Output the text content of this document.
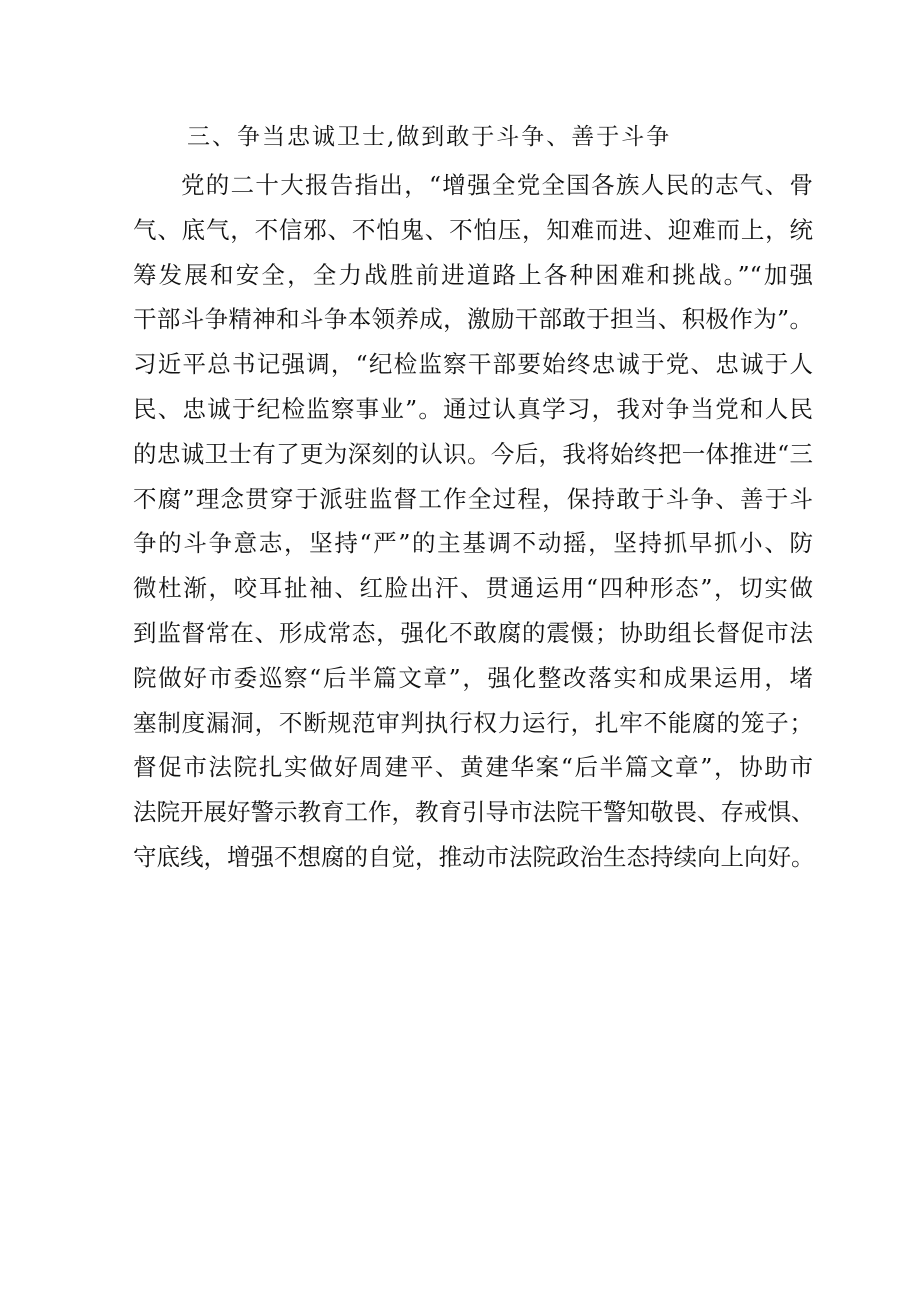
三、争当忠诚卫士,做到敢于斗争、善于斗争
党的二十大报告指出，“增强全党全国各族人民的志气、骨
气、底气，不信邪、不怕鬼、不怕压，知难而进、迎难而上，统
筹发展和安全，全力战胜前进道路上各种困难和挑战。”“加强
干部斗争精神和斗争本领养成，激励干部敢于担当、积极作为”。
习近平总书记强调，“纪检监察干部要始终忠诚于党、忠诚于人
民、忠诚于纪检监察事业”。通过认真学习，我对争当党和人民
的忠诚卫士有了更为深刻的认识。今后，我将始终把一体推进“三
不腐”理念贯穿于派驻监督工作全过程，保持敢于斗争、善于斗
争的斗争意志，坚持“严”的主基调不动摇，坚持抓早抓小、防
微杜渐，咬耳扯袖、红脸出汗、贯通运用“四种形态”，切实做
到监督常在、形成常态，强化不敢腐的震慑；协助组长督促市法
院做好市委巡察“后半篇文章”，强化整改落实和成果运用，堵
塞制度漏洞，不断规范审判执行权力运行，扎牢不能腐的笼子；
督促市法院扎实做好周建平、黄建华案“后半篇文章”，协助市
法院开展好警示教育工作，教育引导市法院干警知敬畏、存戒惧、
守底线，增强不想腐的自觉，推动市法院政治生态持续向上向好。
